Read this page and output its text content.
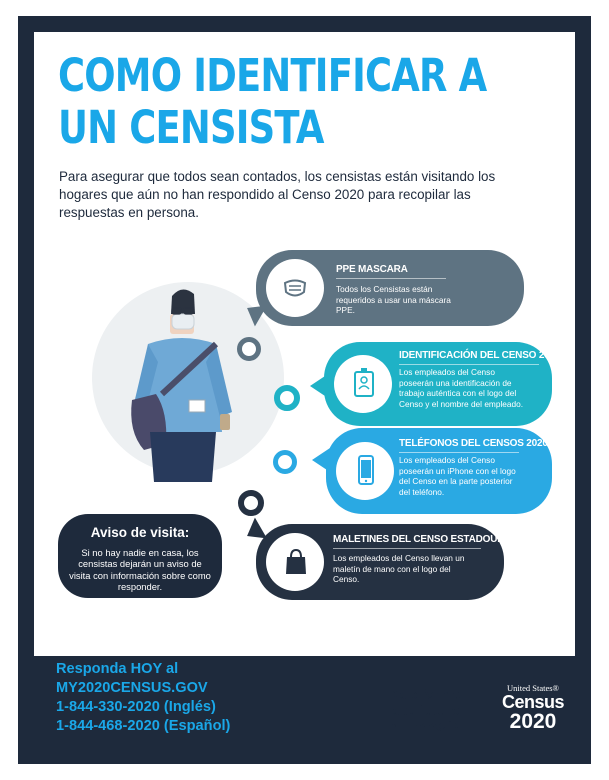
COMO IDENTIFICAR A
UN CENSISTA
Para asegurar que todos sean contados, los censistas están visitando los hogares que aún no han respondido al Censo 2020 para recopilar las respuestas en persona.
PPE MASCARA
Todos los Censistas están requeridos a usar una máscara PPE.
IDENTIFICACIÓN DEL CENSO 2020
Los empleados del Censo poseerán una identificación de trabajo auténtica con el logo del Censo y el nombre del empleado.
TELÉFONOS DEL CENSOS 2020
Los empleados del Censo poseerán un iPhone con el logo del Censo en la parte posterior del teléfono.
MALETINES DEL CENSO ESTADOUNIDENSE
Los empleados del Censo llevan un maletín de mano con el logo del Censo.
Aviso de visita:
Si no hay nadie en casa, los censistas dejarán un aviso de visita con información sobre como responder.
Responda HOY al
MY2020CENSUS.GOV
1-844-330-2020 (Inglés)
1-844-468-2020 (Español)
Dale forma
a tu futuro
EMPIEZA AQUÍ >
United States®
Census
2020
